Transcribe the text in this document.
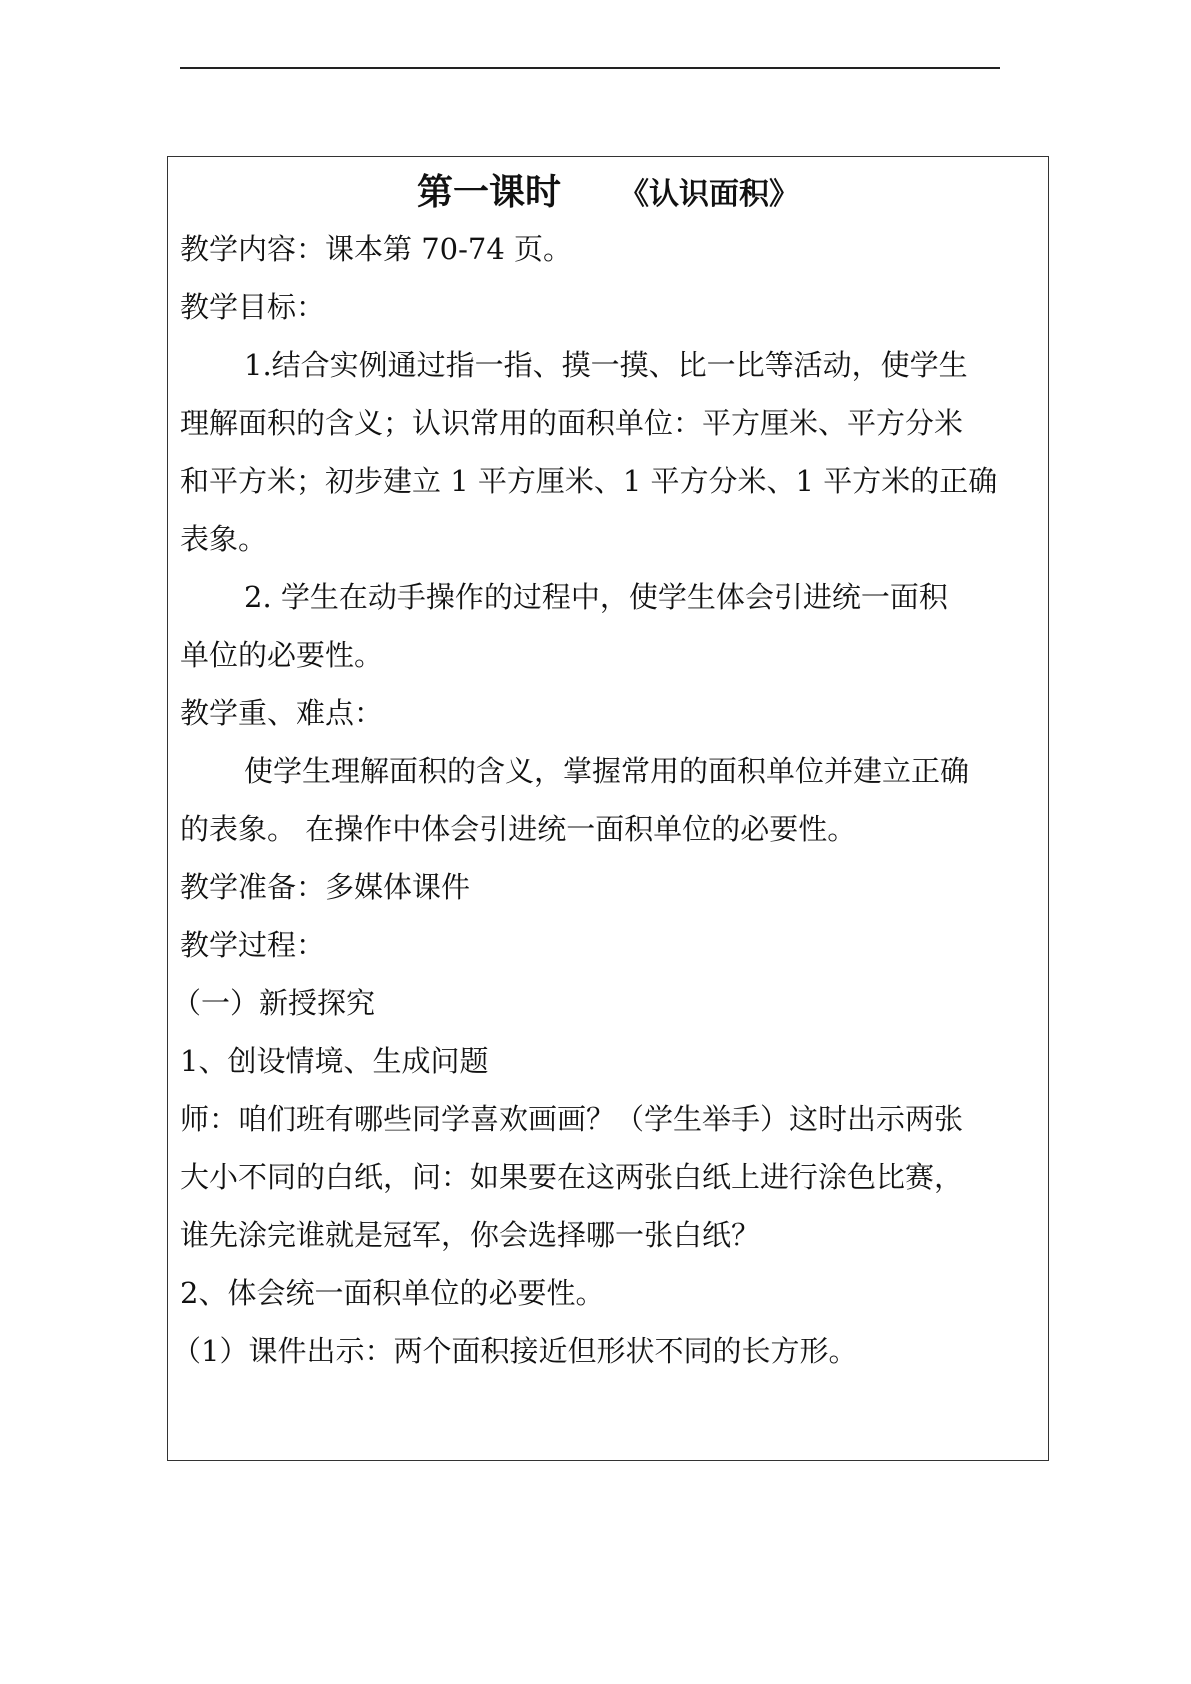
第一课时 《认识面积》
教学内容：课本第 70-74 页。
教学目标：
1.结合实例通过指一指、摸一摸、比一比等活动，使学生
理解面积的含义；认识常用的面积单位：平方厘米、平方分米
和平方米；初步建立 1 平方厘米、1 平方分米、1 平方米的正确
表象。
2. 学生在动手操作的过程中，使学生体会引进统一面积
单位的必要性。
教学重、难点：
使学生理解面积的含义，掌握常用的面积单位并建立正确
的表象。 在操作中体会引进统一面积单位的必要性。
教学准备：多媒体课件
教学过程：
（一）新授探究
1、创设情境、生成问题
师：咱们班有哪些同学喜欢画画？（学生举手）这时出示两张
大小不同的白纸，问：如果要在这两张白纸上进行涂色比赛，
谁先涂完谁就是冠军，你会选择哪一张白纸？
2、体会统一面积单位的必要性。
（1）课件出示：两个面积接近但形状不同的长方形。
